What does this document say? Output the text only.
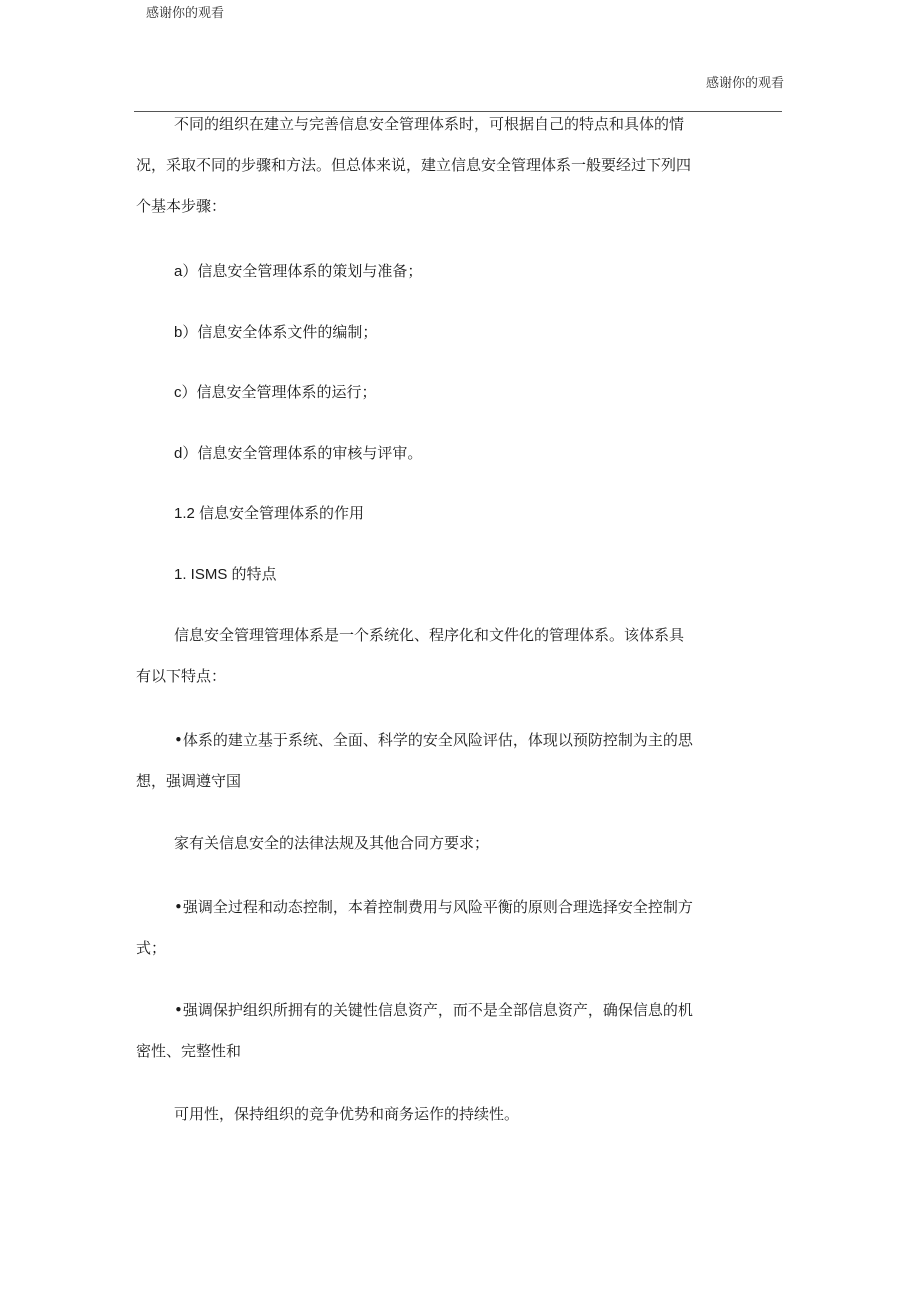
感谢你的观看
感谢你的观看
不同的组织在建立与完善信息安全管理体系时，可根据自己的特点和具体的情况，采取不同的步骤和方法。但总体来说，建立信息安全管理体系一般要经过下列四个基本步骤：
a）信息安全管理体系的策划与准备；
b）信息安全体系文件的编制；
c）信息安全管理体系的运行；
d）信息安全管理体系的审核与评审。
1.2 信息安全管理体系的作用
1. ISMS 的特点
信息安全管理管理体系是一个系统化、程序化和文件化的管理体系。该体系具有以下特点：
•体系的建立基于系统、全面、科学的安全风险评估，体现以预防控制为主的思想，强调遵守国
家有关信息安全的法律法规及其他合同方要求；
•强调全过程和动态控制，本着控制费用与风险平衡的原则合理选择安全控制方式；
•强调保护组织所拥有的关键性信息资产，而不是全部信息资产，确保信息的机密性、完整性和
可用性，保持组织的竞争优势和商务运作的持续性。
